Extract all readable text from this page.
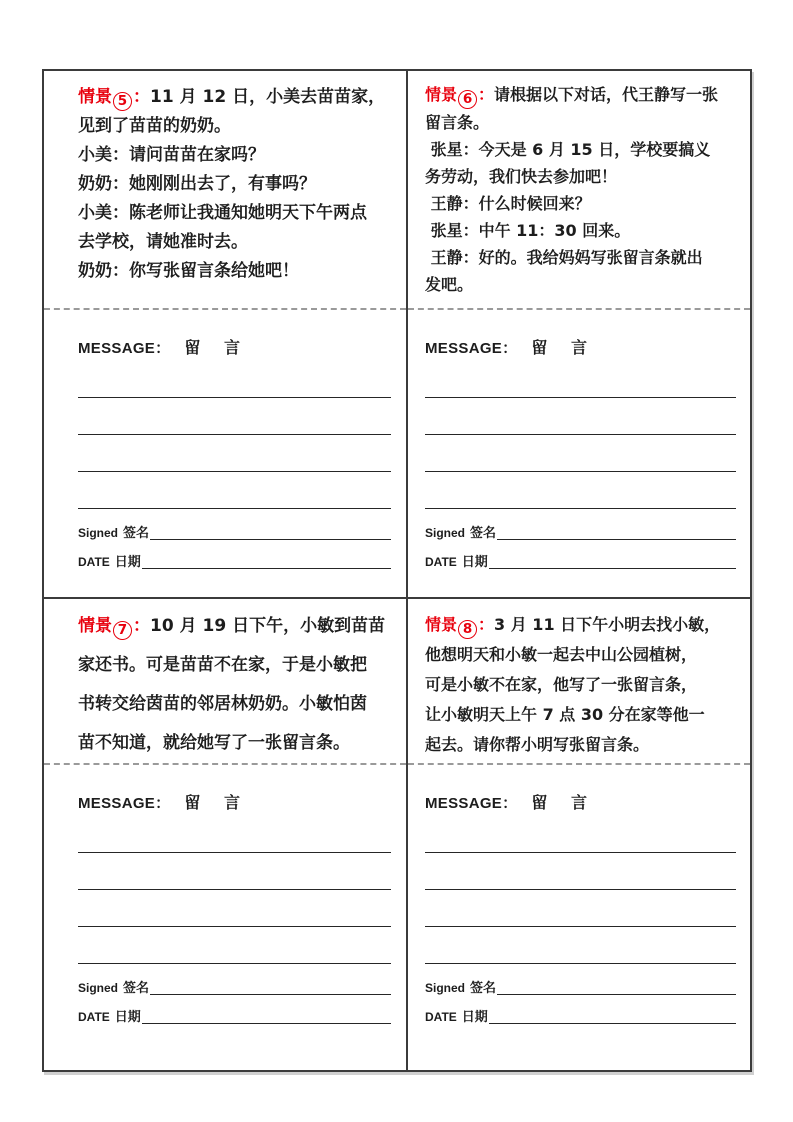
情景 5 ：11 月 12 日，小美去苗苗家，

见到了苗苗的奶奶。

小美：请问苗苗在家吗？

奶奶：她刚刚出去了，有事吗？

小美：陈老师让我通知她明天下午两点

去学校，请她准时去。

奶奶：你写张留言条给她吧！

MESSAGE： 留 言
Signed 签名
DATE 日期

情景 6 ：请根据以下对话，代王静写一张

留言条。

张星：今天是 6 月 15 日，学校要搞义

务劳动，我们快去参加吧！

王静：什么时候回来？

张星：中午 11：30 回来。

王静：好的。我给妈妈写张留言条就出

发吧。

MESSAGE： 留 言
Signed 签名
DATE 日期

情景 7 ：10 月 19 日下午，小敏到苗苗

家还书。可是苗苗不在家，于是小敏把

书转交给茵苗的邻居林奶奶。小敏怕茵

苗不知道，就给她写了一张留言条。

MESSAGE： 留 言
Signed 签名
DATE 日期

情景 8 ：3 月 11 日下午小明去找小敏，

他想明天和小敏一起去中山公园植树，

可是小敏不在家，他写了一张留言条，

让小敏明天上午 7 点 30 分在家等他一

起去。请你帮小明写张留言条。

MESSAGE： 留 言
Signed 签名
DATE 日期
